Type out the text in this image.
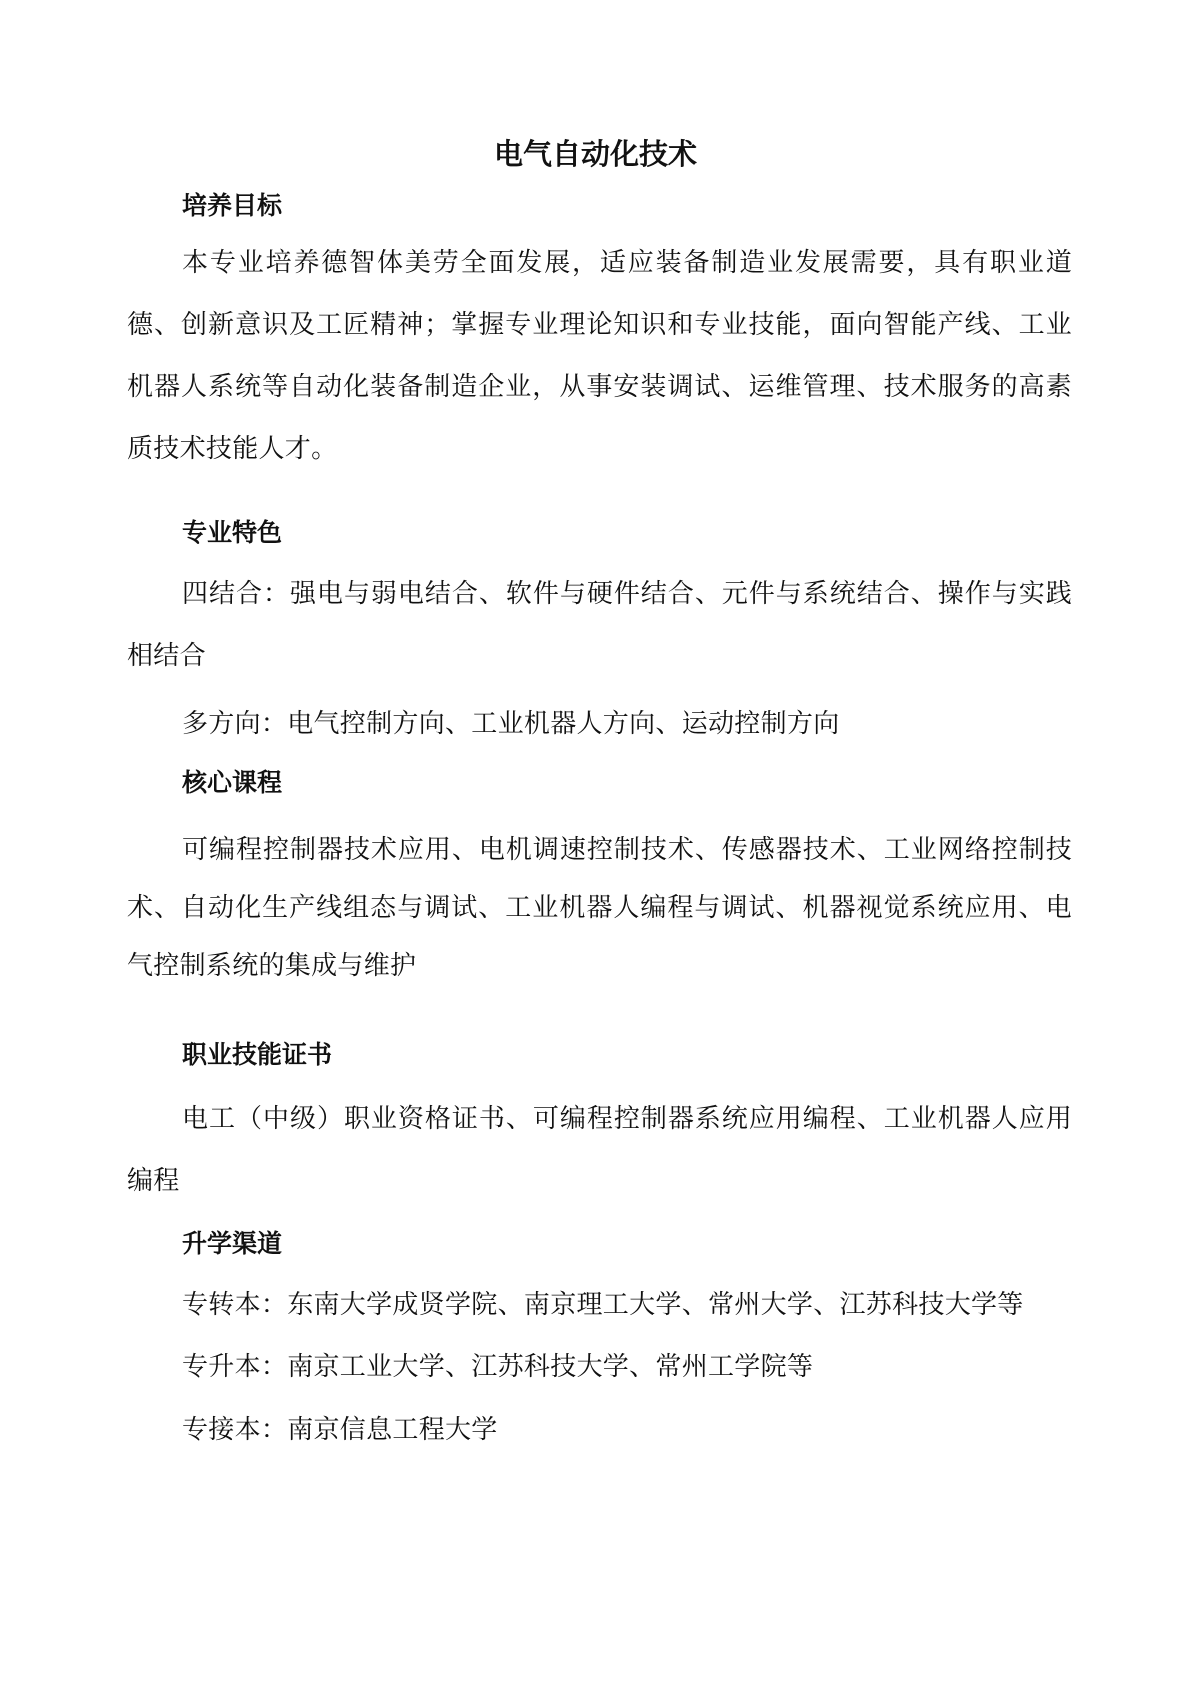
电气自动化技术
培养目标

本专业培养德智体美劳全面发展，适应装备制造业发展需要，具有职业道德、创新意识及工匠精神；掌握专业理论知识和专业技能，面向智能产线、工业机器人系统等自动化装备制造企业，从事安装调试、运维管理、技术服务的高素质技术技能人才。

专业特色

四结合：强电与弱电结合、软件与硬件结合、元件与系统结合、操作与实践相结合

多方向：电气控制方向、工业机器人方向、运动控制方向

核心课程

可编程控制器技术应用、电机调速控制技术、传感器技术、工业网络控制技术、自动化生产线组态与调试、工业机器人编程与调试、机器视觉系统应用、电气控制系统的集成与维护

职业技能证书

电工（中级）职业资格证书、可编程控制器系统应用编程、工业机器人应用编程

升学渠道

专转本：东南大学成贤学院、南京理工大学、常州大学、江苏科技大学等

专升本：南京工业大学、江苏科技大学、常州工学院等

专接本：南京信息工程大学
